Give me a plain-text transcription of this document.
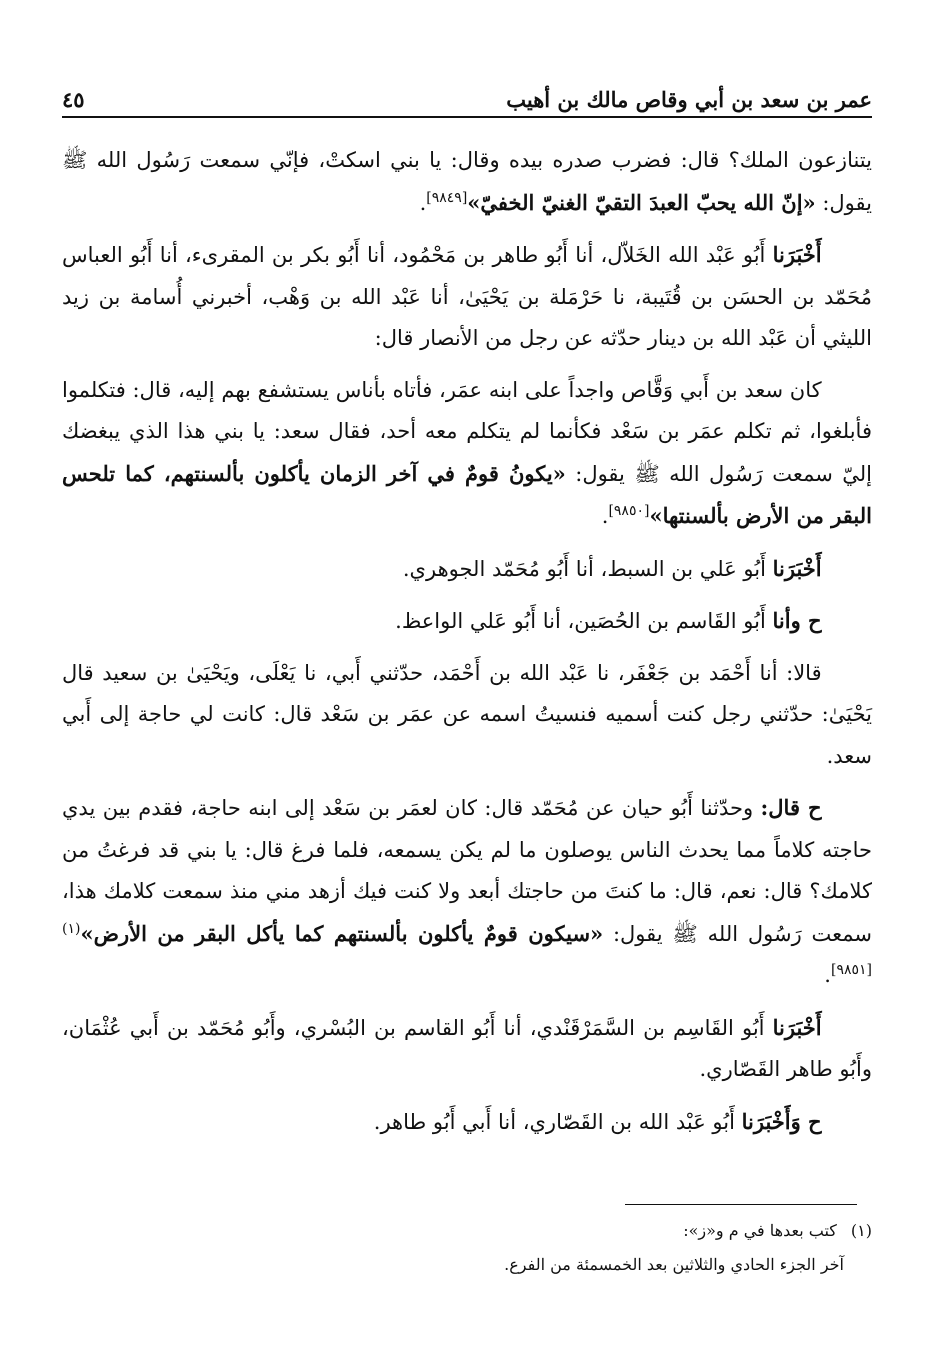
عمر بن سعد بن أبي وقاص مالك بن أهيب
٤٥

يتنازعون الملك؟ قال: فضرب صدره بيده وقال: يا بني اسكتْ، فإنّي سمعت رَسُول الله ﷺ يقول: «إنّ الله يحبّ العبدَ التقيّ الغنيّ الخفيّ»[٩٨٤٩].

أَخْبَرَنا أَبُو عَبْد الله الخَلاّل، أنا أَبُو طاهر بن مَحْمُود، أنا أَبُو بكر بن المقرىء، أنا أَبُو العباس مُحَمّد بن الحسَن بن قُتَيبة، نا حَرْمَلة بن يَحْيَىٰ، أنا عَبْد الله بن وَهْب، أخبرني أُسامة بن زيد الليثي أن عَبْد الله بن دينار حدّثه عن رجل من الأنصار قال:

كان سعد بن أَبي وَقَّاص واجداً على ابنه عمَر، فأتاه بأناس يستشفع بهم إليه، قال: فتكلموا فأبلغوا، ثم تكلم عمَر بن سَعْد فكأنما لم يتكلم معه أحد، فقال سعد: يا بني هذا الذي يبغضك إليّ سمعت رَسُول الله ﷺ يقول: «يكونُ قومٌ في آخر الزمان يأكلون بألسنتهم، كما تلحس البقر من الأرض بألسنتها»[٩٨٥٠].

أَخْبَرَنا أَبُو عَلي بن السبط، أنا أَبُو مُحَمّد الجوهري.

ح وأنا أَبُو القَاسم بن الحُصَين، أنا أَبُو عَلي الواعظ.

قالا: أنا أَحْمَد بن جَعْفَر، نا عَبْد الله بن أَحْمَد، حدّثني أَبي، نا يَعْلَى، ويَحْيَىٰ بن سعيد قال يَحْيَىٰ: حدّثني رجل كنت أسميه فنسيتُ اسمه عن عمَر بن سَعْد قال: كانت لي حاجة إلى أَبي سعد.

ح قال: وحدّثنا أَبُو حيان عن مُحَمّد قال: كان لعمَر بن سَعْد إلى ابنه حاجة، فقدم بين يدي حاجته كلاماً مما يحدث الناس يوصلون ما لم يكن يسمعه، فلما فرغ قال: يا بني قد فرغتُ من كلامك؟ قال: نعم، قال: ما كنتَ من حاجتك أبعد ولا كنت فيك أزهد مني منذ سمعت كلامك هذا، سمعت رَسُول الله ﷺ يقول: «سيكون قومٌ يأكلون بألسنتهم كما يأكل البقر من الأرض»$^{(١)[٩٨٥١]}$.

أَخْبَرَنا أَبُو القَاسِم بن السَّمَرْقَنْدي، أنا أَبُو القاسم بن البُسْري، وأَبُو مُحَمّد بن أَبي عُثْمَان، وأَبُو طاهر القَصّاري.

ح وَأَخْبَرَنا أَبُو عَبْد الله بن القَصّاري، أنا أَبي أَبُو طاهر.

(١)كتب بعدها في م و«ز»:
آخر الجزء الحادي والثلاثين بعد الخمسمئة من الفرع.
